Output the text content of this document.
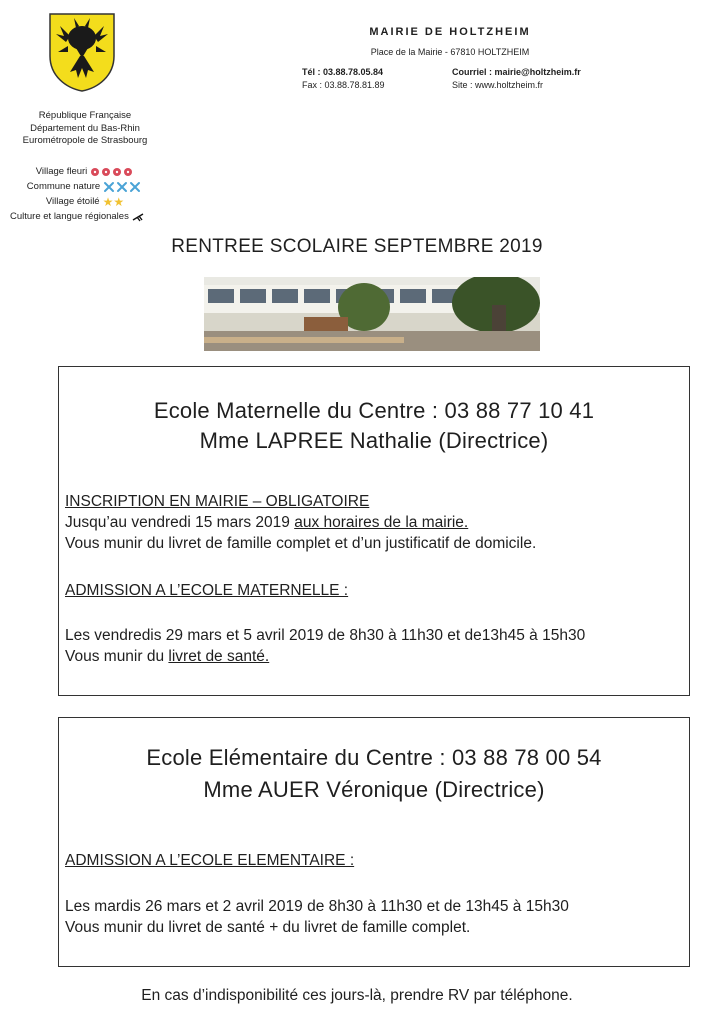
République Française
Département du Bas-Rhin
Eurométropole de Strasbourg
Village fleuri
Commune nature
Village étoilé ★★
Culture et langue régionales
MAIRIE DE HOLTZHEIM
Place de la Mairie - 67810 HOLTZHEIM
Tél : 03.88.78.05.84
Fax : 03.88.78.81.89
Courriel : mairie@holtzheim.fr
Site : www.holtzheim.fr
RENTREE SCOLAIRE SEPTEMBRE 2019
Ecole Maternelle du Centre : 03 88 77 10 41
Mme LAPREE Nathalie (Directrice)
INSCRIPTION EN MAIRIE – OBLIGATOIRE
Jusqu’au vendredi 15 mars 2019 aux horaires de la mairie.
Vous munir du livret de famille complet et d’un justificatif de domicile.
ADMISSION A L’ECOLE MATERNELLE :
Les vendredis 29 mars et 5 avril 2019 de 8h30 à 11h30 et de13h45 à 15h30
Vous munir du livret de santé.
Ecole Elémentaire du Centre : 03 88 78 00 54
Mme AUER Véronique (Directrice)
ADMISSION A L’ECOLE ELEMENTAIRE :
Les mardis 26 mars et 2 avril 2019 de 8h30 à 11h30 et de 13h45 à 15h30
Vous munir du livret de santé + du livret de famille complet.
En cas d’indisponibilité ces jours-là, prendre RV par téléphone.
